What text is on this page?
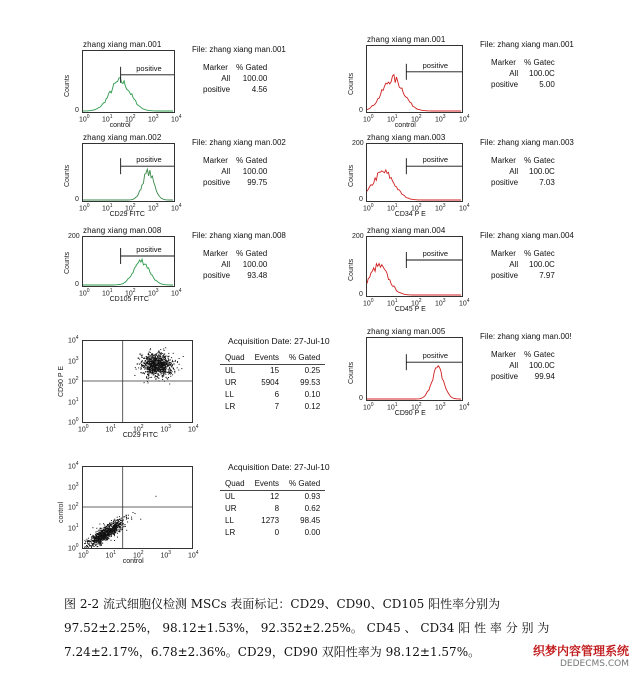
positive
zhang xiang man.001
Counts
0
$10^0$ $10^1$ $10^2$ $10^3$ $10^4$
control
File: zhang xiang man.001
Marker	% Gated
All	100.00
positive	4.56
positive
zhang xiang man.002
Counts
0
$10^0$ $10^1$ $10^2$ $10^3$ $10^4$
CD29 FITC
File: zhang xiang man.002
Marker	% Gated
All	100.00
positive	99.75
positive
zhang xiang man.008
Counts
200
0
$10^0$ $10^1$ $10^2$ $10^3$ $10^4$
CD105 FITC
File: zhang xiang man.008
Marker	% Gated
All	100.00
positive	93.48
positive
zhang xiang man.001
Counts
0
$10^0$ $10^1$ $10^2$ $10^3$ $10^4$
control
File: zhang xiang man.001
Marker	% Gatec
All	100.0C
positive	5.00
positive
zhang xiang man.003
Counts
200
0
$10^0$ $10^1$ $10^2$ $10^3$ $10^4$
CD34 P E
File: zhang xiang man.003
Marker	% Gatec
All	100.0C
positive	7.03
positive
zhang xiang man.004
Counts
200
0
$10^0$ $10^1$ $10^2$ $10^3$ $10^4$
CD45 P E
File: zhang xiang man.004
Marker	% Gatec
All	100.0C
positive	7.97
positive
zhang xiang man.005
Counts
0
$10^0$ $10^1$ $10^2$ $10^3$ $10^4$
CD90 P E
File: zhang xiang man.00!
Marker	% Gatec
All	100.0C
positive	99.94
CD90 P E
$10^0$
$10^0$
$10^1$
$10^1$
$10^2$
$10^2$
$10^3$
$10^3$
$10^4$
$10^4$
CD29 FITC
Acquisition Date: 27-Jul-10
Quad	Events	% Gated
UL	15	0.25
UR	5904	99.53
LL	6	0.10
LR	7	0.12
control
$10^0$
$10^0$
$10^1$
$10^1$
$10^2$
$10^2$
$10^3$
$10^3$
$10^4$
$10^4$
control
Acquisition Date: 27-Jul-10
Quad	Events	% Gated
UL	12	0.93
UR	8	0.62
LL	1273	98.45
LR	0	0.00
图 2-2 流式细胞仪检测 MSCs 表面标记：CD29、CD90、CD105 阳性率分别为
97.52±2.25%， 98.12±1.53%， 92.352±2.25%。 CD45 、 CD34 阳 性 率 分 别 为
7.24±2.17%，6.78±2.36%。CD29，CD90 双阳性率为 98.12±1.57%。	织梦内容管理系统
DEDECMS.COM
